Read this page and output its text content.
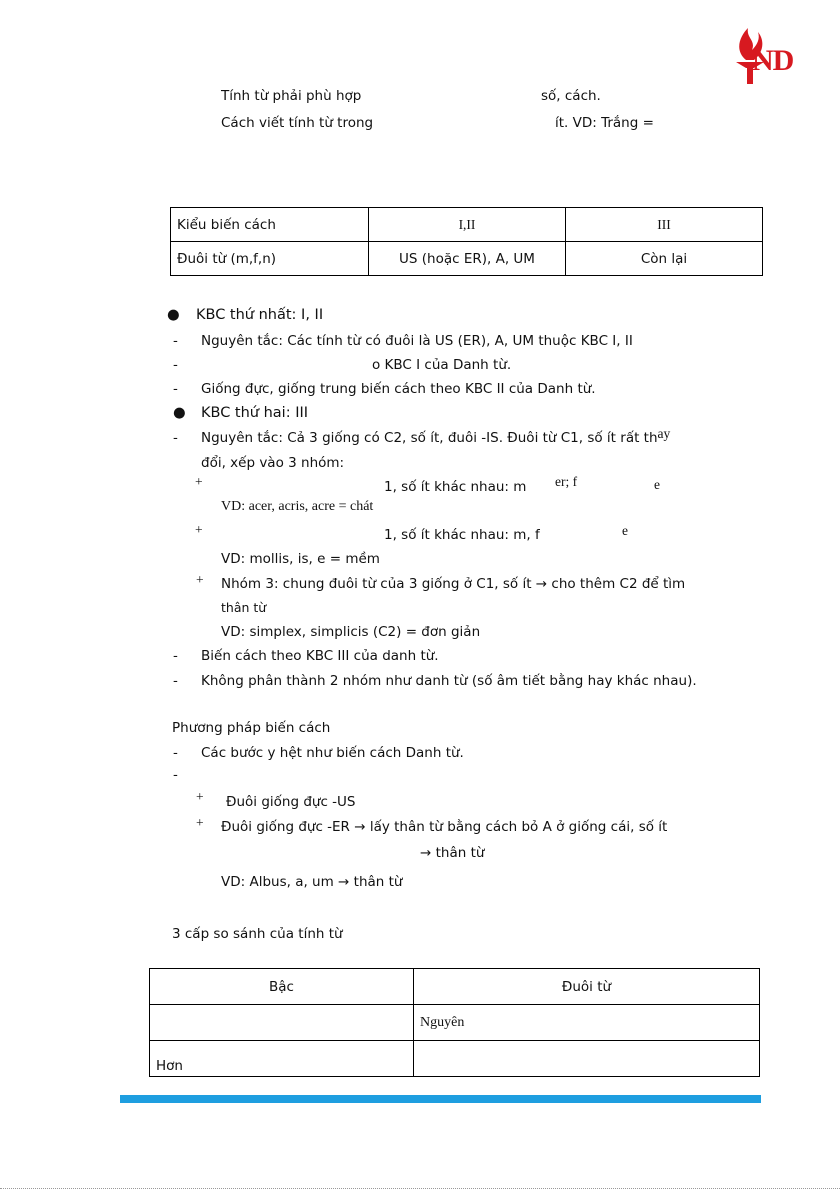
ND
Tính từ phải phù hợp	số, cách.
Cách viết tính từ trong	ít. VD: Trắng =
Kiểu biến cách	I,II	III
Đuôi từ (m,f,n)	US (hoặc ER), A, UM	Còn lại
● KBC thứ nhất: I, II
- Nguyên tắc: Các tính từ có đuôi là US (ER), A, UM thuộc KBC I, II
-	o KBC I của Danh từ.
- Giống đực, giống trung biến cách theo KBC II của Danh từ.
● KBC thứ hai: III
- Nguyên tắc: Cả 3 giống có C2, số ít, đuôi -IS. Đuôi từ C1, số ít rất thay
đổi, xếp vào 3 nhóm:
+	1, số ít khác nhau: m er; f	e
VD: acer, acris, acre = chát
+	1, số ít khác nhau: m, f	e
VD: mollis, is, e = mềm
+ Nhóm 3: chung đuôi từ của 3 giống ở C1, số ít → cho thêm C2 để tìm
thân từ
VD: simplex, simplicis (C2) = đơn giản
- Biến cách theo KBC III của danh từ.
- Không phân thành 2 nhóm như danh từ (số âm tiết bằng hay khác nhau).
Phương pháp biến cách
- Các bước y hệt như biến cách Danh từ.
-
+ Đuôi giống đực -US
+ Đuôi giống đực -ER → lấy thân từ bằng cách bỏ A ở giống cái, số ít
→ thân từ
VD: Albus, a, um → thân từ
3 cấp so sánh của tính từ
Bậc	Đuôi từ
	Nguyên
Hơn	
